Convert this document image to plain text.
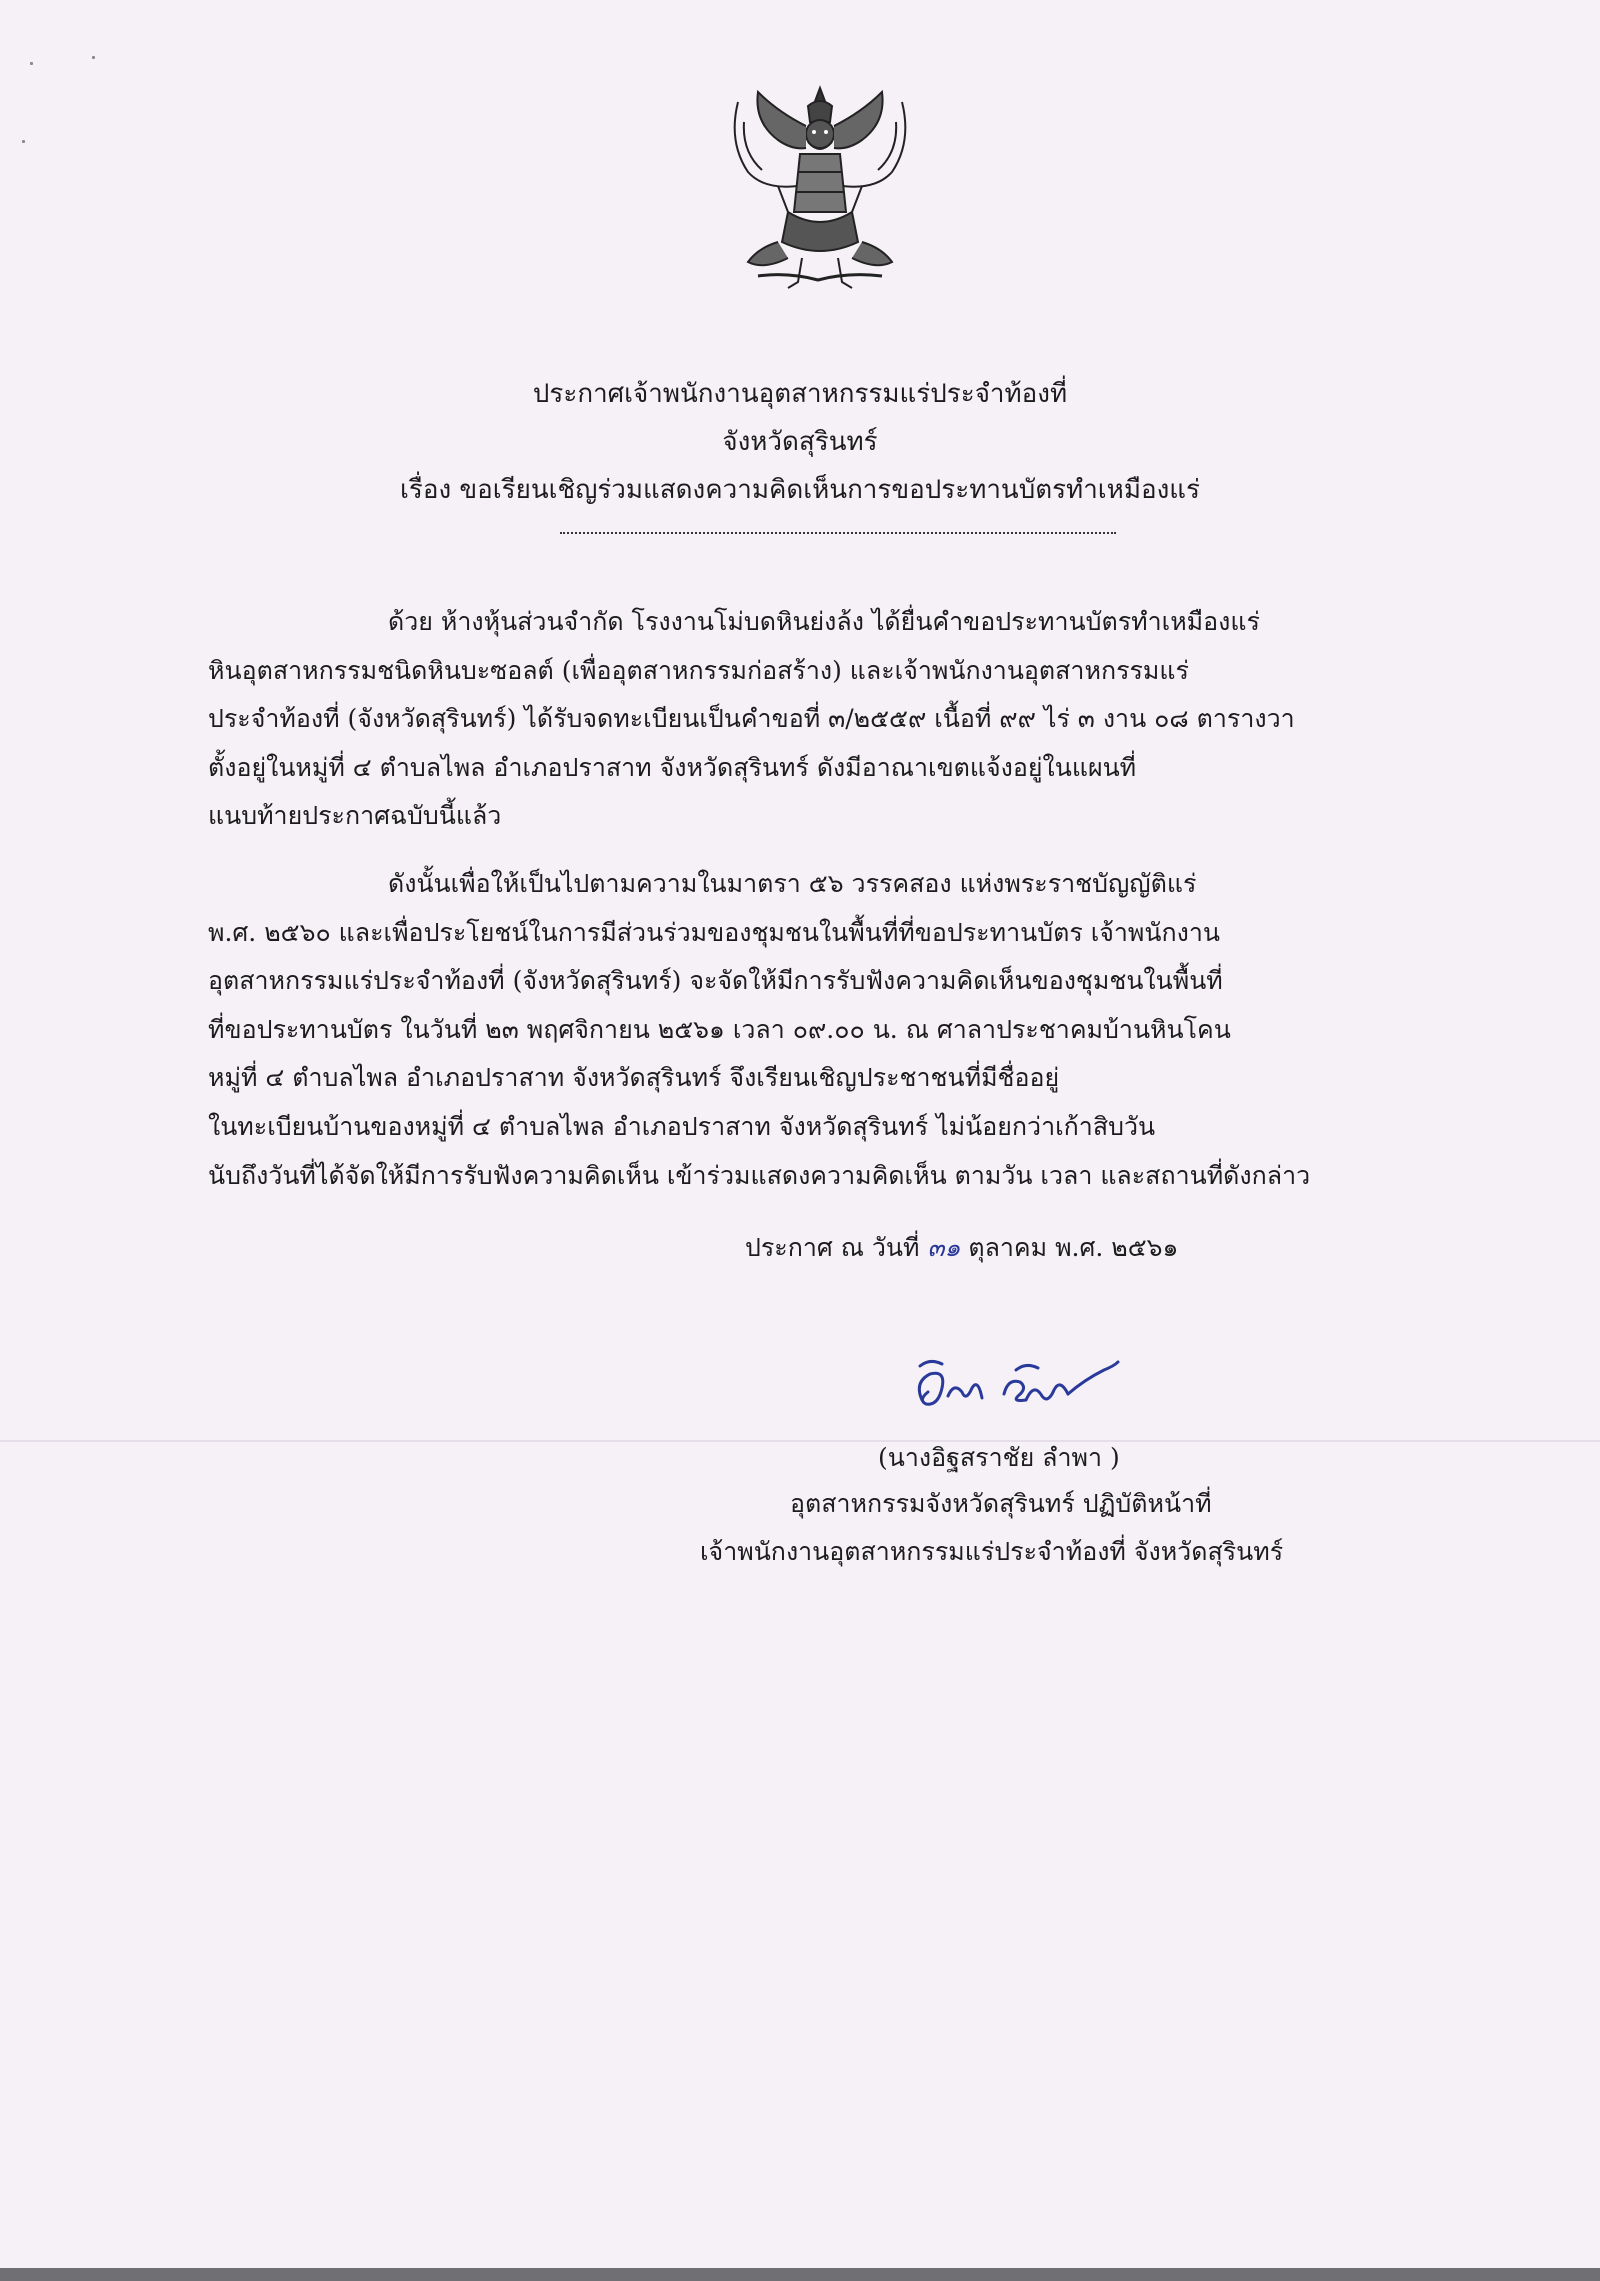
ประกาศเจ้าพนักงานอุตสาหกรรมแร่ประจำท้องที่
จังหวัดสุรินทร์
เรื่อง ขอเรียนเชิญร่วมแสดงความคิดเห็นการขอประทานบัตรทำเหมืองแร่
ด้วย ห้างหุ้นส่วนจำกัด โรงงานโม่บดหินย่งล้ง ได้ยื่นคำขอประทานบัตรทำเหมืองแร่
หินอุตสาหกรรมชนิดหินบะซอลต์ (เพื่ออุตสาหกรรมก่อสร้าง) และเจ้าพนักงานอุตสาหกรรมแร่
ประจำท้องที่ (จังหวัดสุรินทร์) ได้รับจดทะเบียนเป็นคำขอที่ ๓/๒๕๕๙ เนื้อที่ ๙๙ ไร่ ๓ งาน ๐๘ ตารางวา
ตั้งอยู่ในหมู่ที่ ๔ ตำบลไพล อำเภอปราสาท จังหวัดสุรินทร์ ดังมีอาณาเขตแจ้งอยู่ในแผนที่
แนบท้ายประกาศฉบับนี้แล้ว
ดังนั้นเพื่อให้เป็นไปตามความในมาตรา ๕๖ วรรคสอง แห่งพระราชบัญญัติแร่
พ.ศ. ๒๕๖๐ และเพื่อประโยชน์ในการมีส่วนร่วมของชุมชนในพื้นที่ที่ขอประทานบัตร เจ้าพนักงาน
อุตสาหกรรมแร่ประจำท้องที่ (จังหวัดสุรินทร์) จะจัดให้มีการรับฟังความคิดเห็นของชุมชนในพื้นที่
ที่ขอประทานบัตร ในวันที่ ๒๓ พฤศจิกายน ๒๕๖๑ เวลา ๐๙.๐๐ น. ณ ศาลาประชาคมบ้านหินโคน
หมู่ที่ ๔ ตำบลไพล อำเภอปราสาท จังหวัดสุรินทร์ จึงเรียนเชิญประชาชนที่มีชื่ออยู่
ในทะเบียนบ้านของหมู่ที่ ๔ ตำบลไพล อำเภอปราสาท จังหวัดสุรินทร์ ไม่น้อยกว่าเก้าสิบวัน
นับถึงวันที่ได้จัดให้มีการรับฟังความคิดเห็น เข้าร่วมแสดงความคิดเห็น ตามวัน เวลา และสถานที่ดังกล่าว
ประกาศ ณ วันที่ ๓๑ ตุลาคม พ.ศ. ๒๕๖๑
(นางอิฐสราชัย ลำพา )
อุตสาหกรรมจังหวัดสุรินทร์ ปฏิบัติหน้าที่
เจ้าพนักงานอุตสาหกรรมแร่ประจำท้องที่ จังหวัดสุรินทร์
